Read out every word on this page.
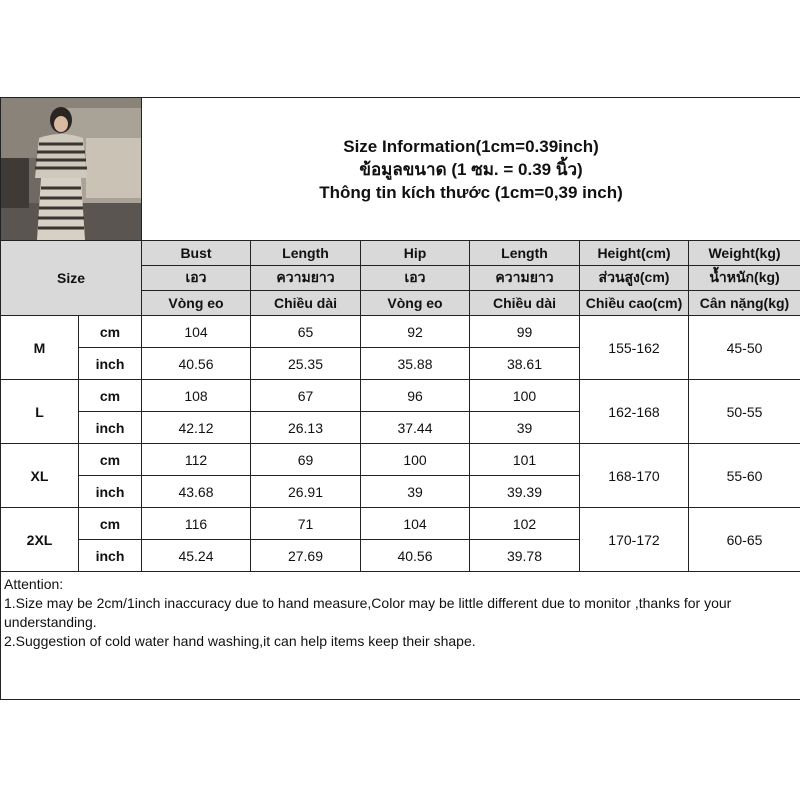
Size Information(1cm=0.39inch)
ข้อมูลขนาด (1 ซม. = 0.39 นิ้ว)
Thông tin kích thước (1cm=0,39 inch)					

Size		Bust	Length	Hip	Length	Height(cm)	Weight(kg)
		เอว	ความยาว	เอว	ความยาว	ส่วนสูง(cm)	น้ำหนัก(kg)
		Vòng eo	Chiều dài	Vòng eo	Chiều dài	Chiều cao(cm)	Cân nặng(kg)
M	cm	104	65	92	99	155-162	45-50
	inch	40.56	25.35	35.88	38.61		
L	cm	108	67	96	100	162-168	50-55
	inch	42.12	26.13	37.44	39		
XL	cm	112	69	100	101	168-170	55-60
	inch	43.68	26.91	39	39.39		
2XL	cm	116	71	104	102	170-172	60-65
	inch	45.24	27.69	40.56	39.78		

Attention:
1.Size may be 2cm/1inch inaccuracy due to hand measure,Color may be little different due to monitor ,thanks for your understanding.
2.Suggestion of cold water hand washing,it can help items keep their shape.							
